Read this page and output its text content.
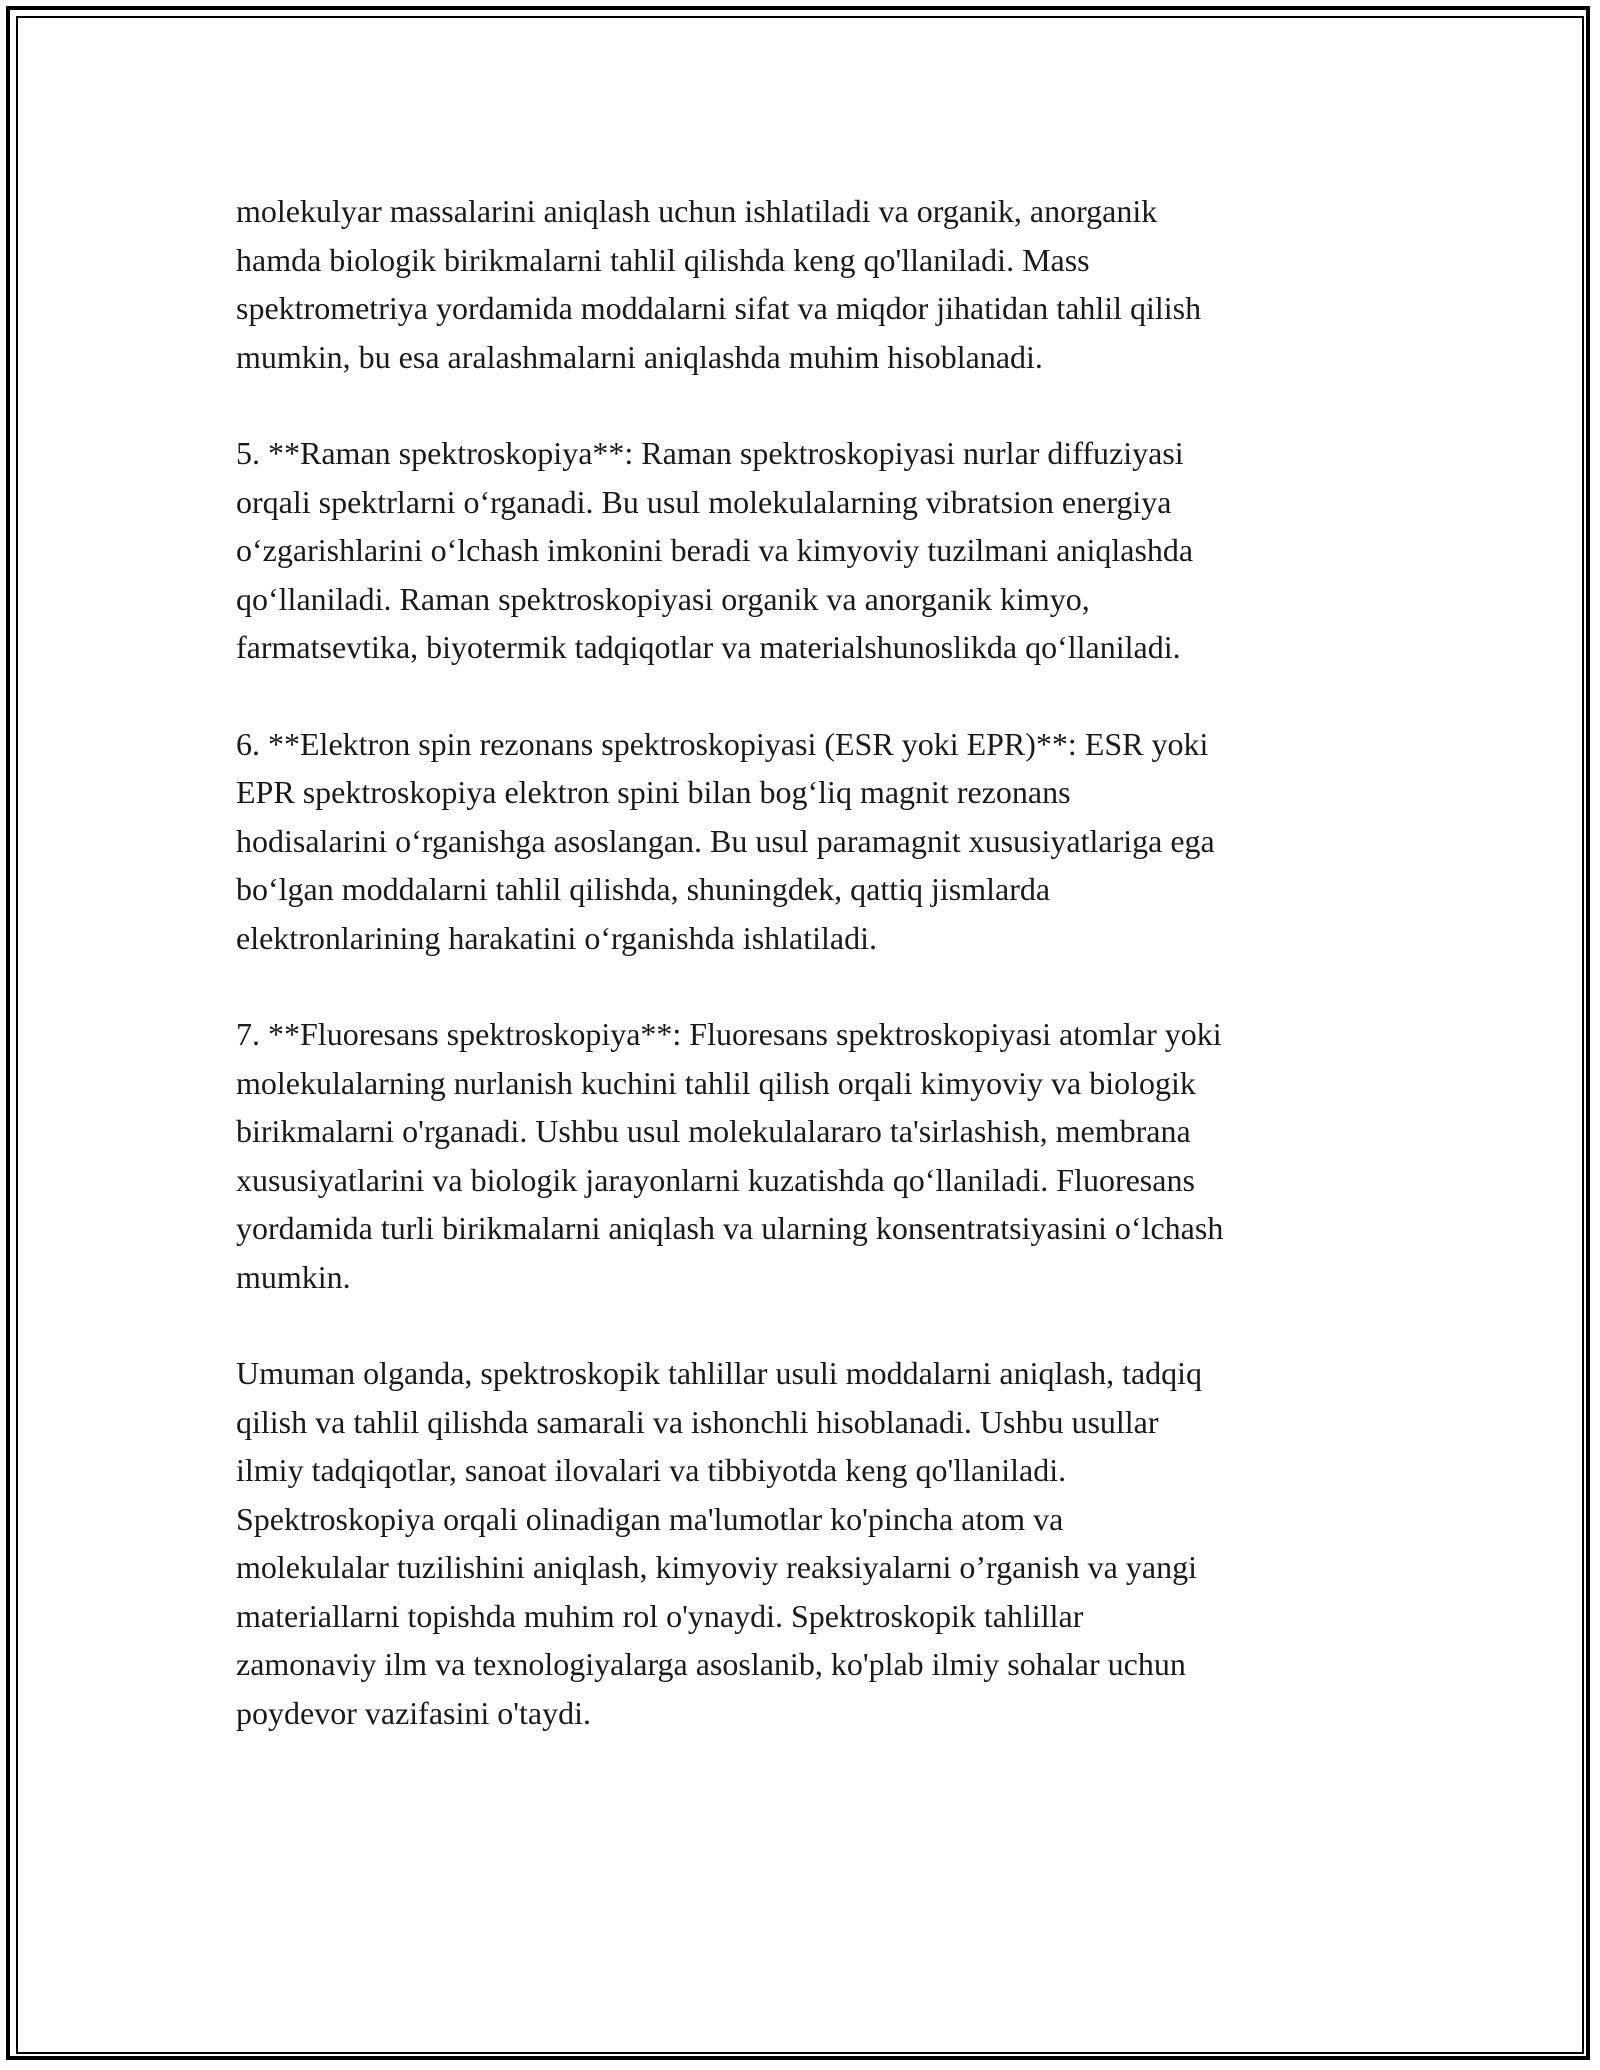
molekulyar massalarini aniqlash uchun ishlatiladi va organik, anorganik
hamda biologik birikmalarni tahlil qilishda keng qo'llaniladi. Mass
spektrometriya yordamida moddalarni sifat va miqdor jihatidan tahlil qilish
mumkin, bu esa aralashmalarni aniqlashda muhim hisoblanadi.

5. **Raman spektroskopiya**: Raman spektroskopiyasi nurlar diffuziyasi
orqali spektrlarni o‘rganadi. Bu usul molekulalarning vibratsion energiya
o‘zgarishlarini o‘lchash imkonini beradi va kimyoviy tuzilmani aniqlashda
qo‘llaniladi. Raman spektroskopiyasi organik va anorganik kimyo,
farmatsevtika, biyotermik tadqiqotlar va materialshunoslikda qo‘llaniladi.

6. **Elektron spin rezonans spektroskopiyasi (ESR yoki EPR)**: ESR yoki
EPR spektroskopiya elektron spini bilan bog‘liq magnit rezonans
hodisalarini o‘rganishga asoslangan. Bu usul paramagnit xususiyatlariga ega
bo‘lgan moddalarni tahlil qilishda, shuningdek, qattiq jismlarda
elektronlarining harakatini o‘rganishda ishlatiladi.

7. **Fluoresans spektroskopiya**: Fluoresans spektroskopiyasi atomlar yoki
molekulalarning nurlanish kuchini tahlil qilish orqali kimyoviy va biologik
birikmalarni o'rganadi. Ushbu usul molekulalararo ta'sirlashish, membrana
xususiyatlarini va biologik jarayonlarni kuzatishda qo‘llaniladi. Fluoresans
yordamida turli birikmalarni aniqlash va ularning konsentratsiyasini o‘lchash
mumkin.

Umuman olganda, spektroskopik tahlillar usuli moddalarni aniqlash, tadqiq
qilish va tahlil qilishda samarali va ishonchli hisoblanadi. Ushbu usullar
ilmiy tadqiqotlar, sanoat ilovalari va tibbiyotda keng qo'llaniladi.
Spektroskopiya orqali olinadigan ma'lumotlar ko'pincha atom va
molekulalar tuzilishini aniqlash, kimyoviy reaksiyalarni o’rganish va yangi
materiallarni topishda muhim rol o'ynaydi. Spektroskopik tahlillar
zamonaviy ilm va texnologiyalarga asoslanib, ko'plab ilmiy sohalar uchun
poydevor vazifasini o'taydi.
